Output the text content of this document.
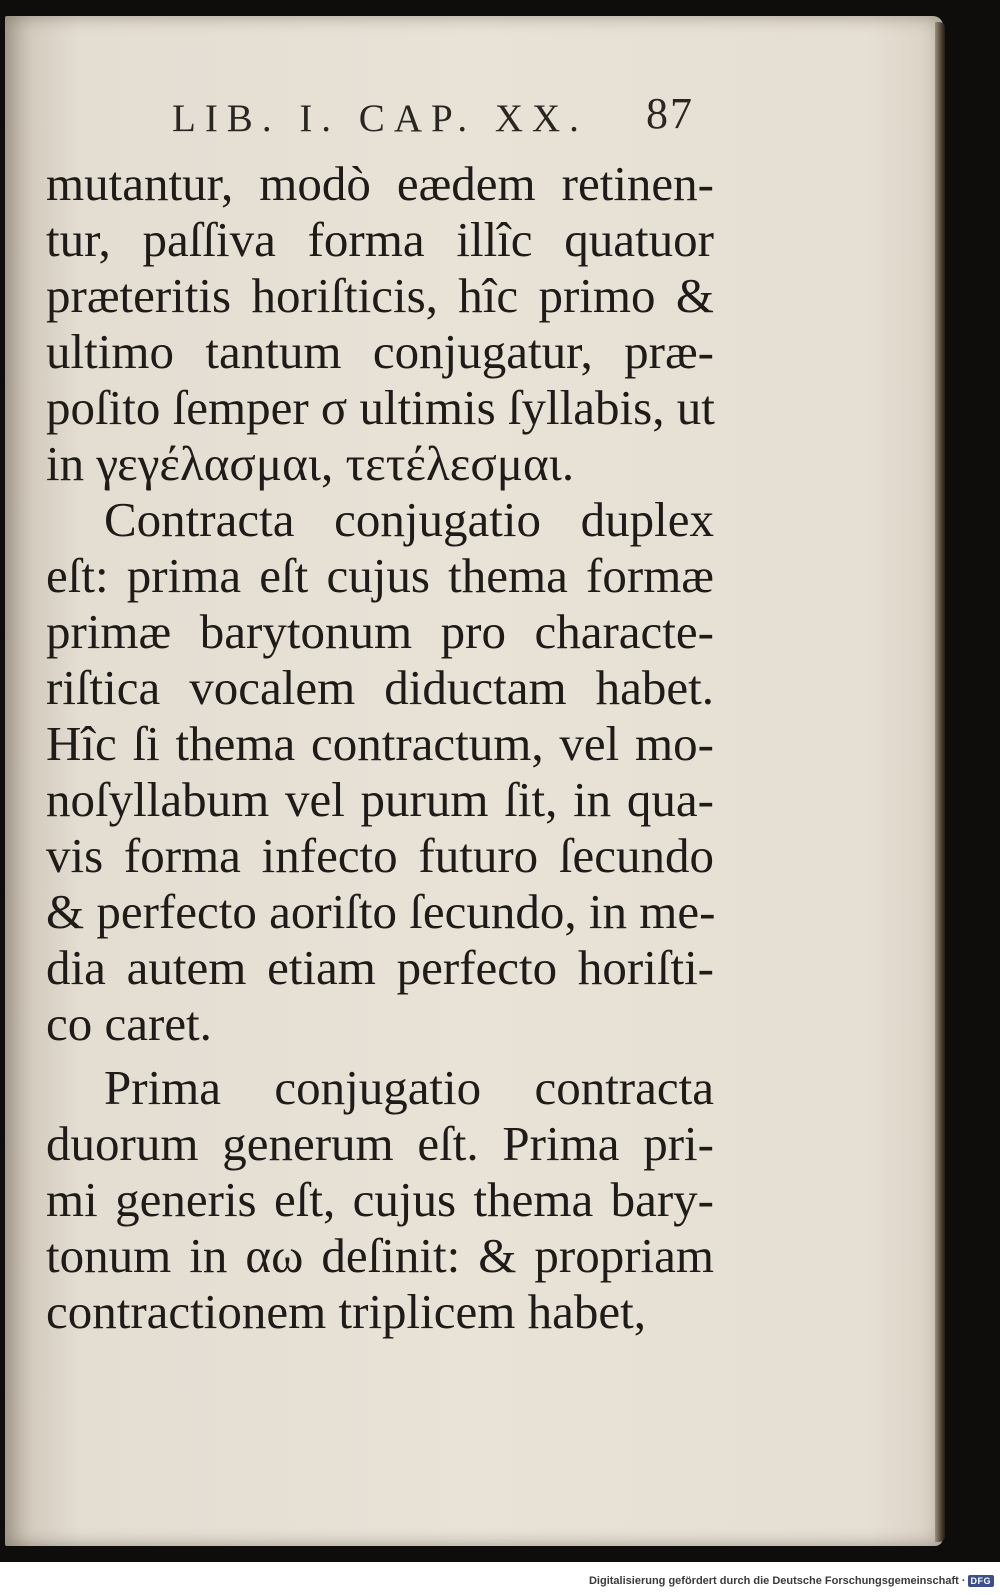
LIB. I. CAP. XX. 87
mutantur, modò eædem retinen-
tur, paſſiva forma illîc quatuor
præteritis horiſticis, hîc primo &
ultimo tantum conjugatur, præ-
poſito ſemper σ ultimis ſyllabis, ut
in γεγέλασμαι, τετέλεσμαι.
Contracta conjugatio duplex
eſt: prima eſt cujus thema formæ
primæ barytonum pro characte-
riſtica vocalem diductam habet.
Hîc ſi thema contractum, vel mo-
noſyllabum vel purum ſit, in qua-
vis forma infecto futuro ſecundo
& perfecto aoriſto ſecundo, in me-
dia autem etiam perfecto horiſti-
co caret.
Prima conjugatio contracta
duorum generum eſt. Prima pri-
mi generis eſt, cujus thema bary-
tonum in αω deſinit: & propriam
contractionem triplicem habet,
Digitalisierung gefördert durch die Deutsche Forschungsgemeinschaft · DFG
